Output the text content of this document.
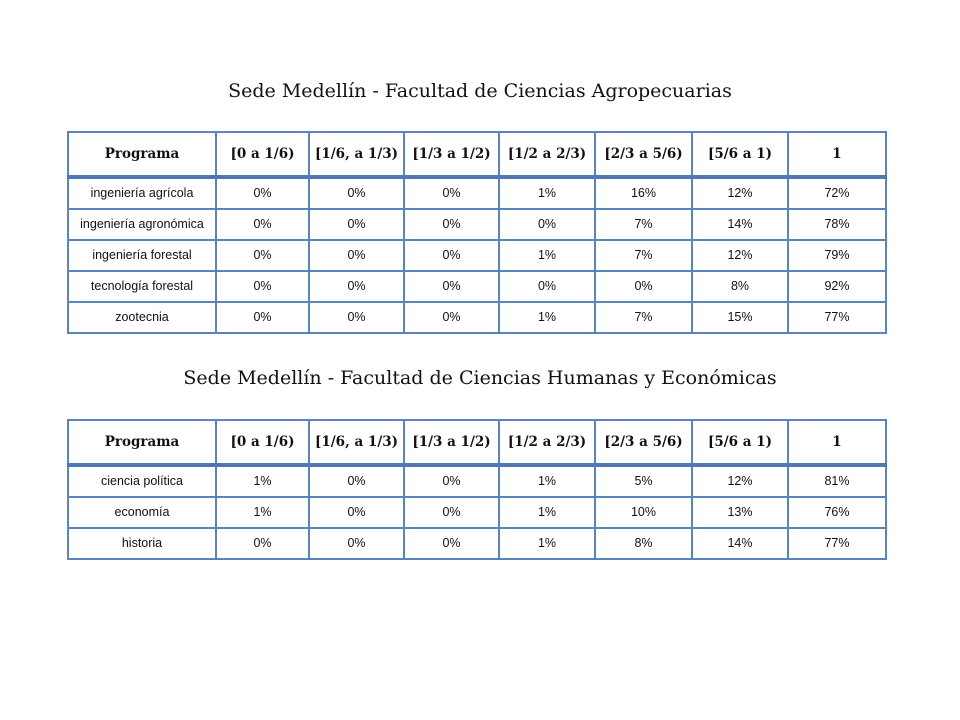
Sede Medellín - Facultad de Ciencias Agropecuarias
Programa	[0 a 1/6)	[1/6, a 1/3)	[1/3 a 1/2)	[1/2 a 2/3)	[2/3 a 5/6)	[5/6 a 1)	1
ingeniería agrícola	0%	0%	0%	1%	16%	12%	72%
ingeniería agronómica	0%	0%	0%	0%	7%	14%	78%
ingeniería forestal	0%	0%	0%	1%	7%	12%	79%
tecnología forestal	0%	0%	0%	0%	0%	8%	92%
zootecnia	0%	0%	0%	1%	7%	15%	77%
Sede Medellín - Facultad de Ciencias Humanas y Económicas
Programa	[0 a 1/6)	[1/6, a 1/3)	[1/3 a 1/2)	[1/2 a 2/3)	[2/3 a 5/6)	[5/6 a 1)	1
ciencia política	1%	0%	0%	1%	5%	12%	81%
economía	1%	0%	0%	1%	10%	13%	76%
historia	0%	0%	0%	1%	8%	14%	77%
